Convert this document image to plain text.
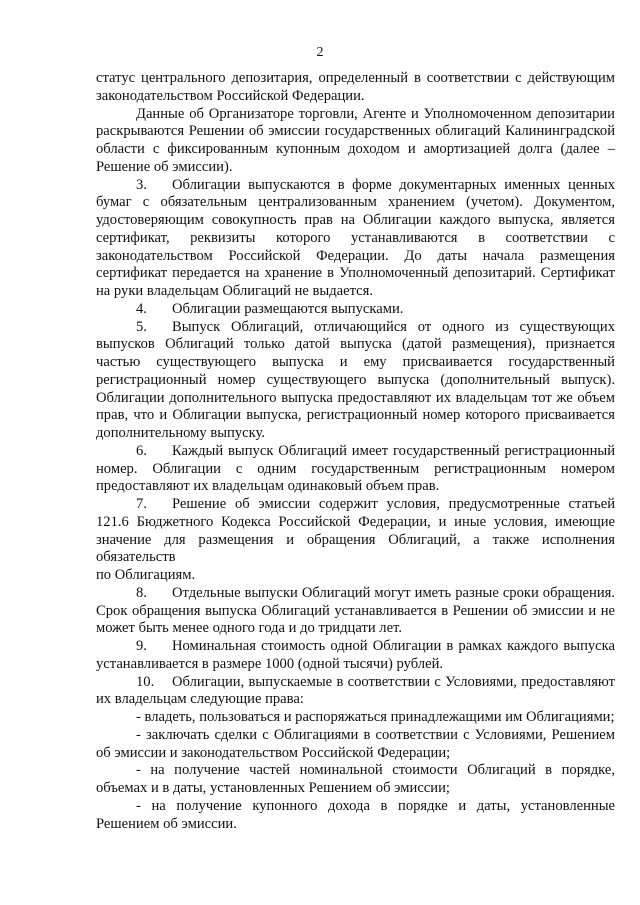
2

статус центрального депозитария, определенный в соответствии с действующим законодательством Российской Федерации.

Данные об Организаторе торговли, Агенте и Уполномоченном депозитарии раскрываются Решении об эмиссии государственных облигаций Калининградской области с фиксированным купонным доходом и амортизацией долга (далее – Решение об эмиссии).

3. Облигации выпускаются в форме документарных именных ценных бумаг с обязательным централизованным хранением (учетом). Документом, удостоверяющим совокупность прав на Облигации каждого выпуска, является сертификат, реквизиты которого устанавливаются в соответствии с законодательством Российской Федерации. До даты начала размещения сертификат передается на хранение в Уполномоченный депозитарий. Сертификат на руки владельцам Облигаций не выдается.

4. Облигации размещаются выпусками.

5. Выпуск Облигаций, отличающийся от одного из существующих выпусков Облигаций только датой выпуска (датой размещения), признается частью существующего выпуска и ему присваивается государственный регистрационный номер существующего выпуска (дополнительный выпуск). Облигации дополнительного выпуска предоставляют их владельцам тот же объем прав, что и Облигации выпуска, регистрационный номер которого присваивается дополнительному выпуску.

6. Каждый выпуск Облигаций имеет государственный регистрационный номер. Облигации с одним государственным регистрационным номером предоставляют их владельцам одинаковый объем прав.

7. Решение об эмиссии содержит условия, предусмотренные статьей 121.6 Бюджетного Кодекса Российской Федерации, и иные условия, имеющие значение для размещения и обращения Облигаций, а также исполнения обязательств

по Облигациям.

8. Отдельные выпуски Облигаций могут иметь разные сроки обращения. Срок обращения выпуска Облигаций устанавливается в Решении об эмиссии и не может быть менее одного года и до тридцати лет.

9. Номинальная стоимость одной Облигации в рамках каждого выпуска устанавливается в размере 1000 (одной тысячи) рублей.

10. Облигации, выпускаемые в соответствии с Условиями, предоставляют их владельцам следующие права:

- владеть, пользоваться и распоряжаться принадлежащими им Облигациями;

- заключать сделки с Облигациями в соответствии с Условиями, Решением об эмиссии и законодательством Российской Федерации;

- на получение частей номинальной стоимости Облигаций в порядке, объемах и в даты, установленных Решением об эмиссии;

- на получение купонного дохода в порядке и даты, установленные Решением об эмиссии.
